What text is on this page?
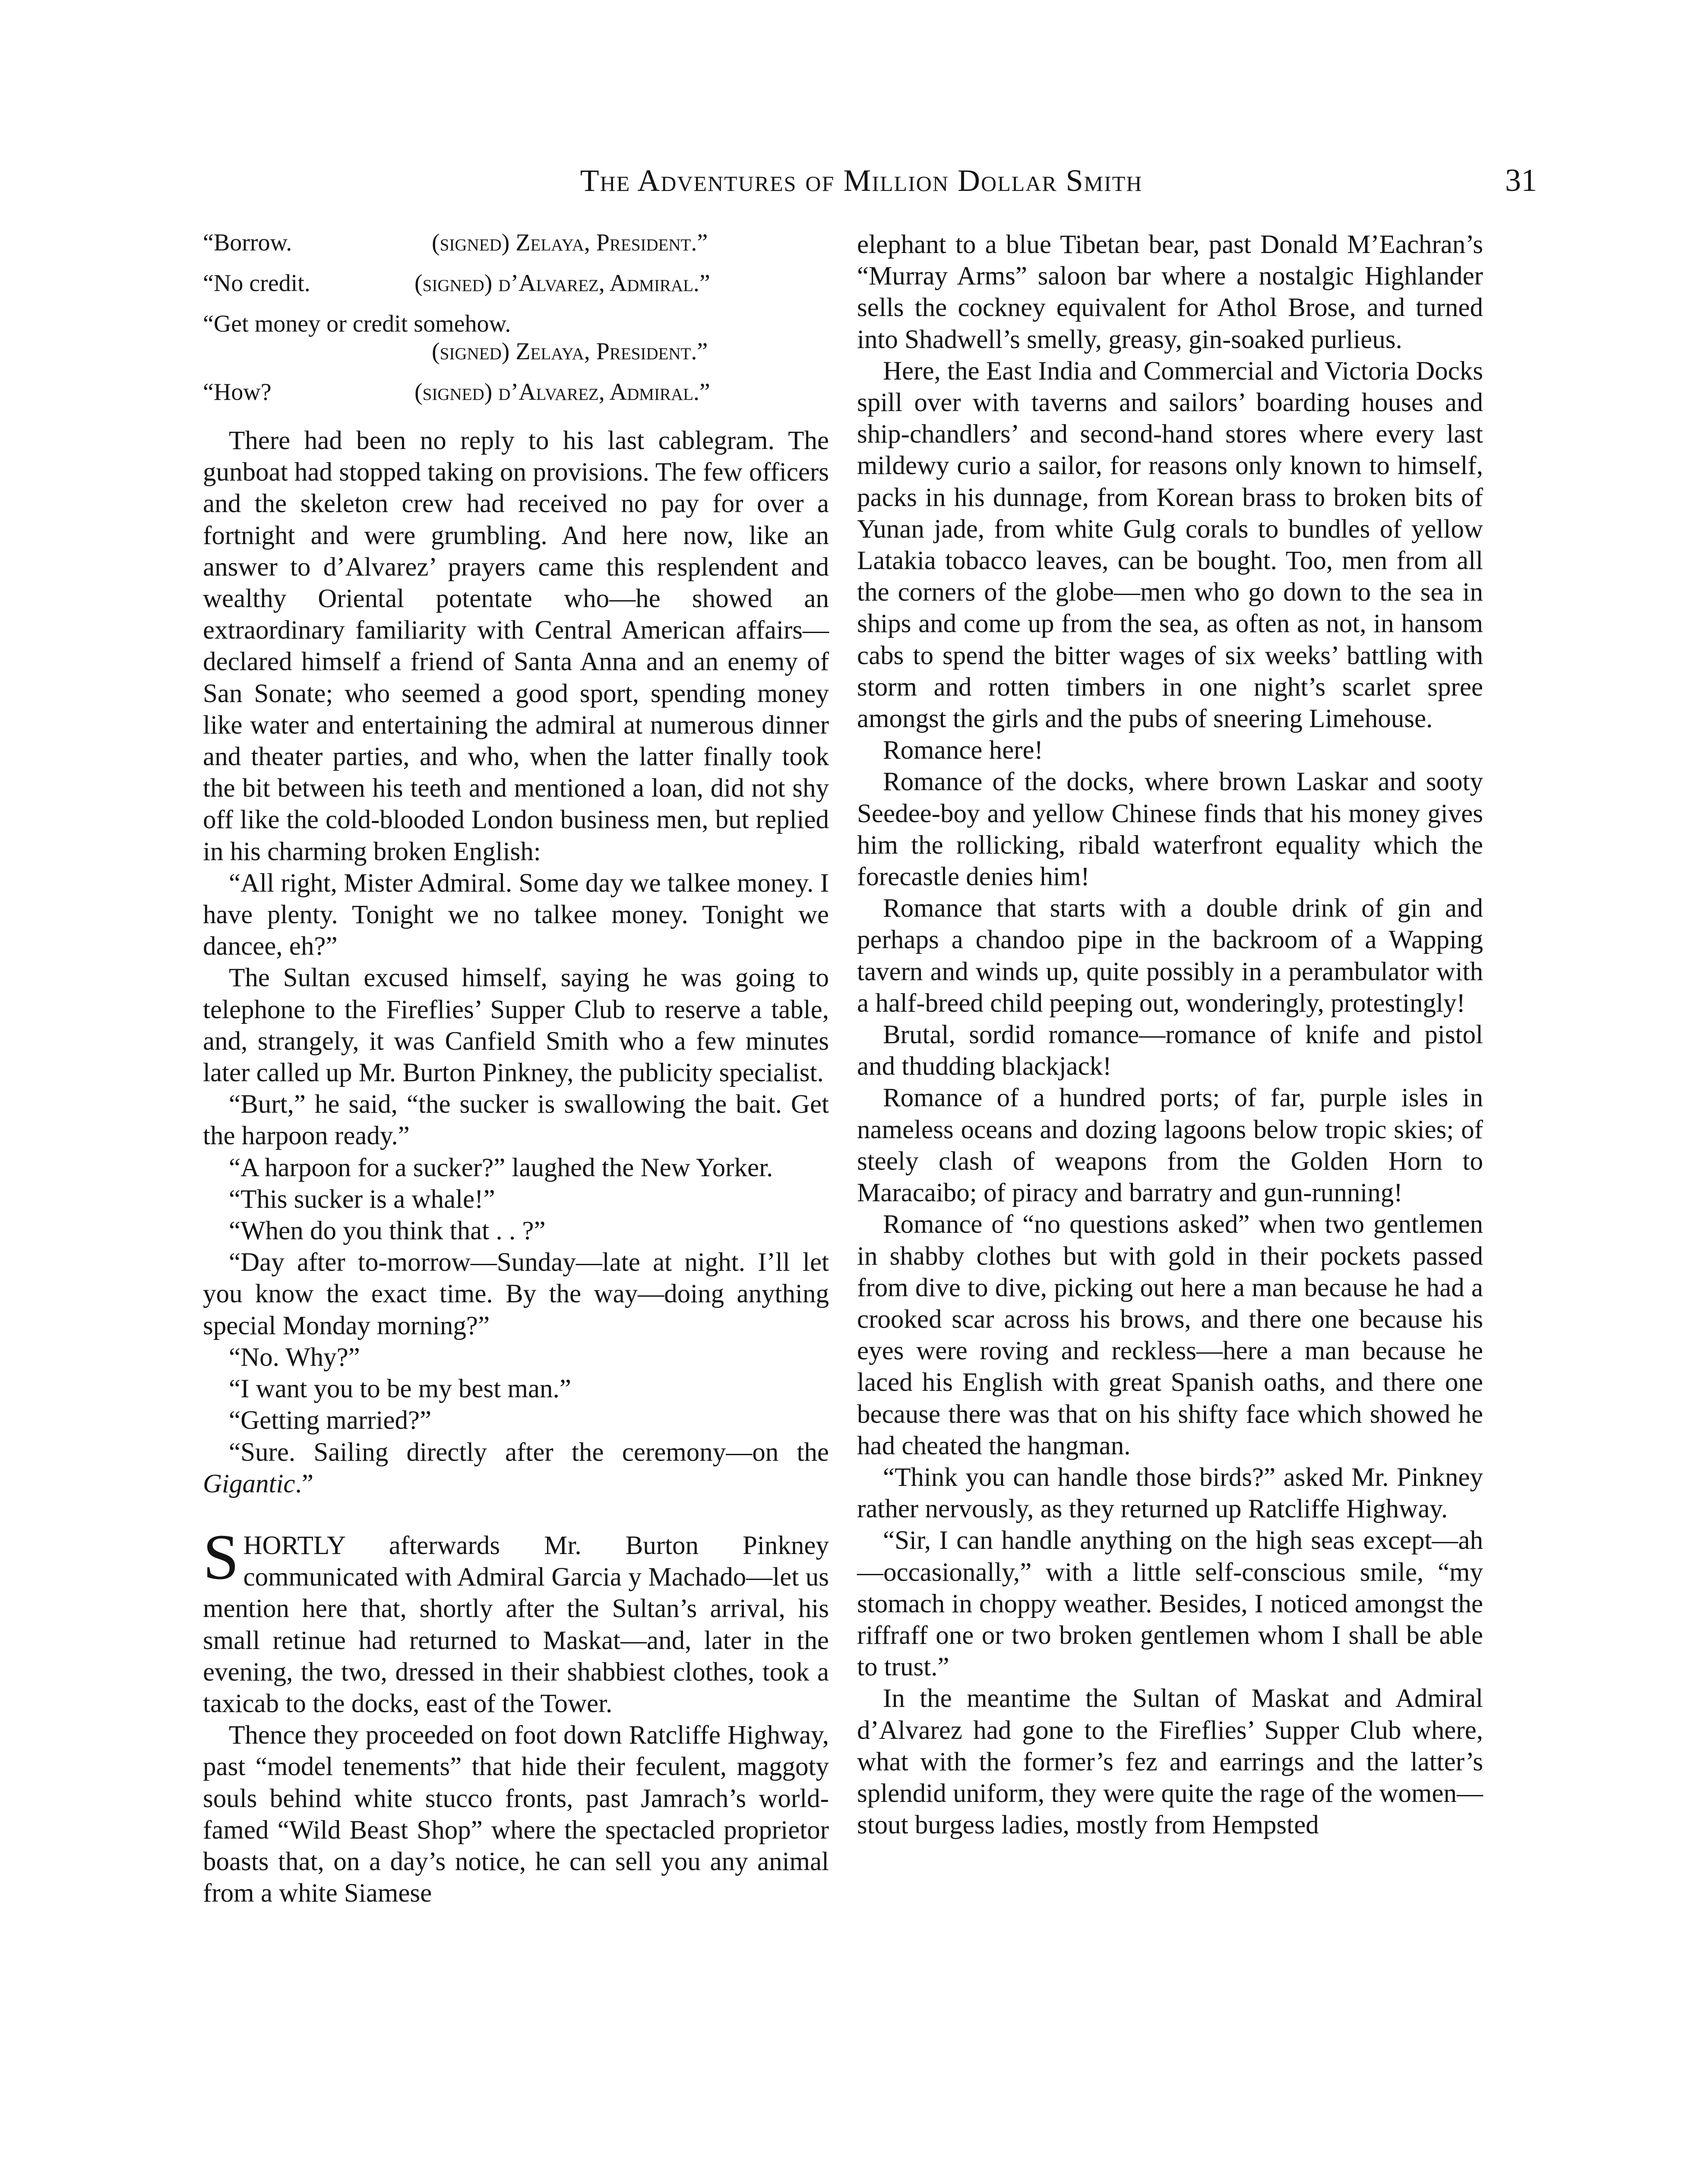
The Adventures of Million Dollar Smith	31
“Borrow.	(signed) Zelaya, President.”
“No credit.	(signed) d’Alvarez, Admiral.”
“Get money or credit somehow.
(signed) Zelaya, President.”
“How?	(signed) d’Alvarez, Admiral.”

There had been no reply to his last cablegram. The gunboat had stopped taking on provisions. The few officers and the skeleton crew had received no pay for over a fortnight and were grumbling. And here now, like an answer to d’Alvarez’ prayers came this resplendent and wealthy Oriental potentate who—he showed an extraordinary familiarity with Central American affairs—declared himself a friend of Santa Anna and an enemy of San Sonate; who seemed a good sport, spending money like water and entertaining the admiral at numerous dinner and theater parties, and who, when the latter finally took the bit between his teeth and mentioned a loan, did not shy off like the cold-blooded London business men, but replied in his charming broken English:

“All right, Mister Admiral. Some day we talkee money. I have plenty. Tonight we no talkee money. Tonight we dancee, eh?”

The Sultan excused himself, saying he was going to telephone to the Fireflies’ Supper Club to reserve a table, and, strangely, it was Canfield Smith who a few minutes later called up Mr. Burton Pinkney, the publicity specialist.

“Burt,” he said, “the sucker is swallowing the bait. Get the harpoon ready.”

“A harpoon for a sucker?” laughed the New Yorker.

“This sucker is a whale!”

“When do you think that . . ?”

“Day after to-morrow—Sunday—late at night. I’ll let you know the exact time. By the way—doing anything special Monday morning?”

“No. Why?”

“I want you to be my best man.”

“Getting married?”

“Sure. Sailing directly after the ceremony—on the Gigantic.”

SHORTLY afterwards Mr. Burton Pinkney communicated with Admiral Garcia y Machado—let us mention here that, shortly after the Sultan’s arrival, his small retinue had returned to Maskat—and, later in the evening, the two, dressed in their shabbiest clothes, took a taxicab to the docks, east of the Tower.

Thence they proceeded on foot down Ratcliffe Highway, past “model tenements” that hide their feculent, maggoty souls behind white stucco fronts, past Jamrach’s world-famed “Wild Beast Shop” where the spectacled proprietor boasts that, on a day’s notice, he can sell you any animal from a white Siamese

elephant to a blue Tibetan bear, past Donald M’Eachran’s “Murray Arms” saloon bar where a nostalgic Highlander sells the cockney equivalent for Athol Brose, and turned into Shadwell’s smelly, greasy, gin-soaked purlieus.

Here, the East India and Commercial and Victoria Docks spill over with taverns and sailors’ boarding houses and ship-chandlers’ and second-hand stores where every last mildewy curio a sailor, for reasons only known to himself, packs in his dunnage, from Korean brass to broken bits of Yunan jade, from white Gulg corals to bundles of yellow Latakia tobacco leaves, can be bought. Too, men from all the corners of the globe—men who go down to the sea in ships and come up from the sea, as often as not, in hansom cabs to spend the bitter wages of six weeks’ battling with storm and rotten timbers in one night’s scarlet spree amongst the girls and the pubs of sneering Limehouse.

Romance here!

Romance of the docks, where brown Laskar and sooty Seedee-boy and yellow Chinese finds that his money gives him the rollicking, ribald waterfront equality which the forecastle denies him!

Romance that starts with a double drink of gin and perhaps a chandoo pipe in the backroom of a Wapping tavern and winds up, quite possibly in a perambulator with a half-breed child peeping out, wonderingly, protestingly!

Brutal, sordid romance—romance of knife and pistol and thudding blackjack!

Romance of a hundred ports; of far, purple isles in nameless oceans and dozing lagoons below tropic skies; of steely clash of weapons from the Golden Horn to Maracaibo; of piracy and barratry and gun-running!

Romance of “no questions asked” when two gentlemen in shabby clothes but with gold in their pockets passed from dive to dive, picking out here a man because he had a crooked scar across his brows, and there one because his eyes were roving and reckless—here a man because he laced his English with great Spanish oaths, and there one because there was that on his shifty face which showed he had cheated the hangman.

“Think you can handle those birds?” asked Mr. Pinkney rather nervously, as they returned up Ratcliffe Highway.

“Sir, I can handle anything on the high seas except—ah—occasionally,” with a little self-conscious smile, “my stomach in choppy weather. Besides, I noticed amongst the riffraff one or two broken gentlemen whom I shall be able to trust.”

In the meantime the Sultan of Maskat and Admiral d’Alvarez had gone to the Fireflies’ Supper Club where, what with the former’s fez and earrings and the latter’s splendid uniform, they were quite the rage of the women—stout burgess ladies, mostly from Hempsted
